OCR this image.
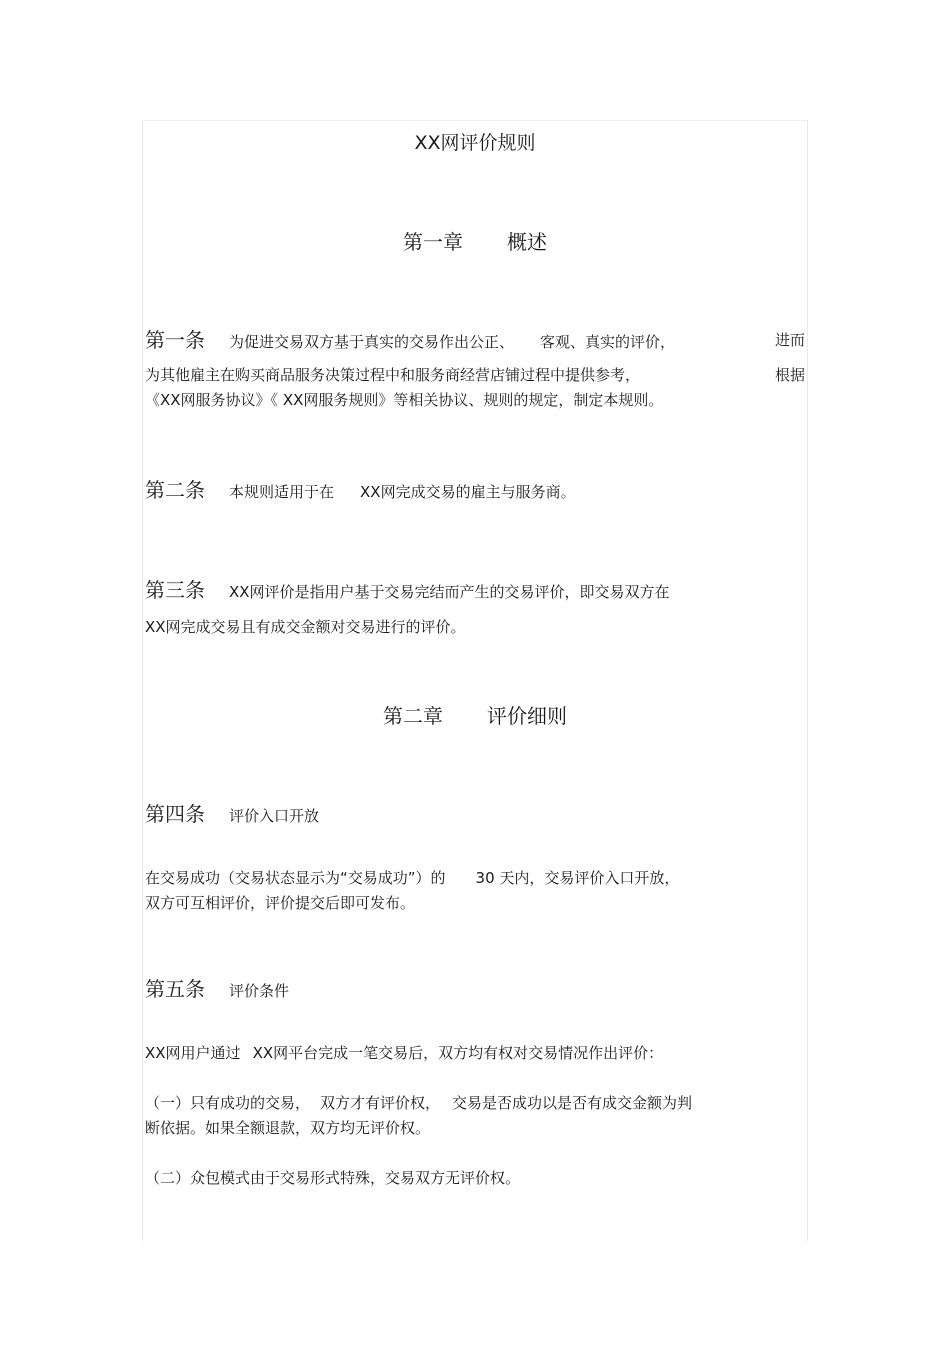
XX网评价规则
第一章 概述
第一条 为促进交易双方基于真实的交易作出公正、 客观、真实的评价，	进而
为其他雇主在购买商品服务决策过程中和服务商经营店铺过程中提供参考，	根据
《XX网服务协议》《 XX网服务规则》等相关协议、规则的规定，制定本规则。
第二条 本规则适用于在 XX网完成交易的雇主与服务商。
第三条 XX网评价是指用户基于交易完结而产生的交易评价，即交易双方在
XX网完成交易且有成交金额对交易进行的评价。
第二章 评价细则
第四条 评价入口开放
在交易成功（交易状态显示为“交易成功”）的 30 天内，交易评价入口开放，
双方可互相评价，评价提交后即可发布。
第五条 评价条件
XX网用户通过 XX网平台完成一笔交易后，双方均有权对交易情况作出评价：
（一）只有成功的交易， 双方才有评价权， 交易是否成功以是否有成交金额为判
断依据。如果全额退款，双方均无评价权。
（二）众包模式由于交易形式特殊，交易双方无评价权。
